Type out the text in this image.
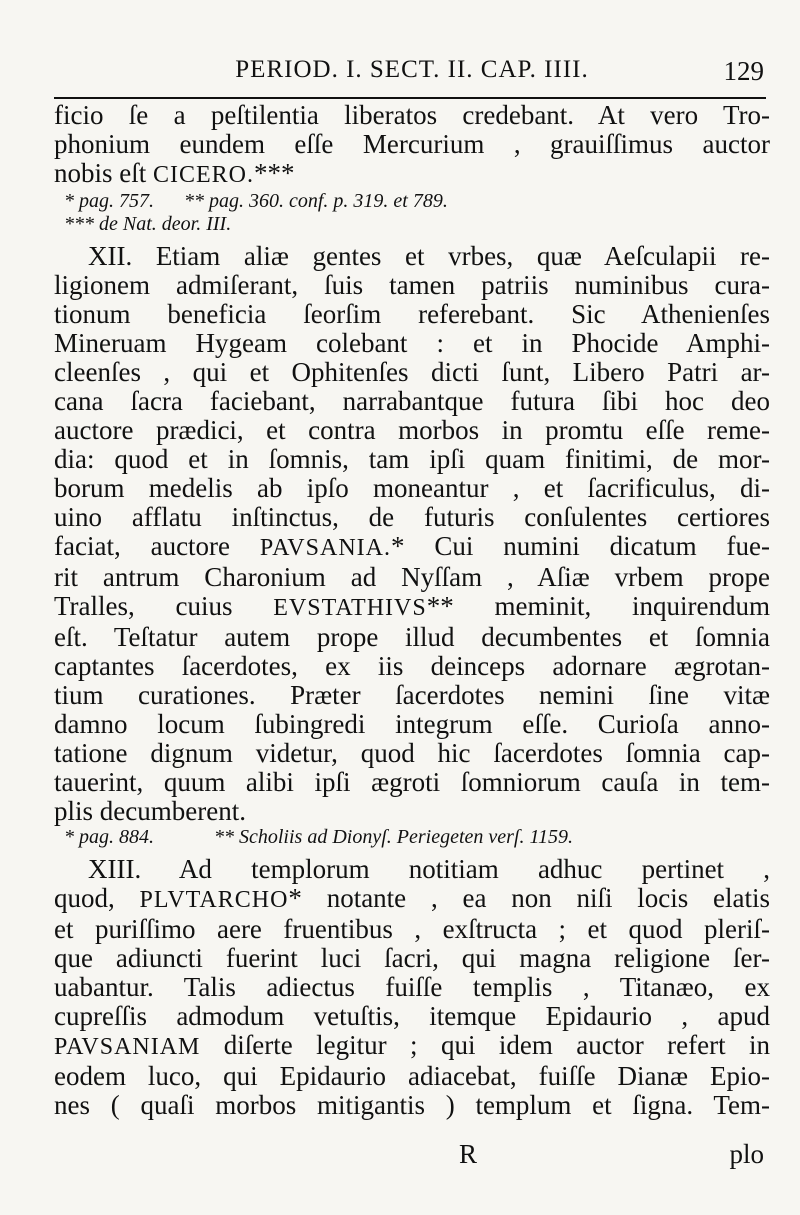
PERIOD. I. SECT. II. CAP. IIII.	129
ficio ſe a peſtilentia liberatos credebant. At vero Tro-
phonium eundem eſſe Mercurium , grauiſſimus auctor
nobis eſt CICERO.***
* pag. 757. ** pag. 360. conf. p. 319. et 789.
*** de Nat. deor. III.
XII. Etiam aliæ gentes et vrbes, quæ Aeſculapii re-
ligionem admiſerant, ſuis tamen patriis numinibus cura-
tionum beneficia ſeorſim referebant. Sic Athenienſes
Mineruam Hygeam colebant : et in Phocide Amphi-
cleenſes , qui et Ophitenſes dicti ſunt, Libero Patri ar-
cana ſacra faciebant, narrabantque futura ſibi hoc deo
auctore prædici, et contra morbos in promtu eſſe reme-
dia: quod et in ſomnis, tam ipſi quam finitimi, de mor-
borum medelis ab ipſo moneantur , et ſacrificulus, di-
uino afflatu inſtinctus, de futuris conſulentes certiores
faciat, auctore PAVSANIA.* Cui numini dicatum fue-
rit antrum Charonium ad Nyſſam , Aſiæ vrbem prope
Tralles, cuius EVSTATHIVS** meminit, inquirendum
eſt. Teſtatur autem prope illud decumbentes et ſomnia
captantes ſacerdotes, ex iis deinceps adornare ægrotan-
tium curationes. Præter ſacerdotes nemini ſine vitæ
damno locum ſubingredi integrum eſſe. Curioſa anno-
tatione dignum videtur, quod hic ſacerdotes ſomnia cap-
tauerint, quum alibi ipſi ægroti ſomniorum cauſa in tem-
plis decumberent.
* pag. 884.	** Scholiis ad Dionyſ. Periegeten verſ. 1159.
XIII. Ad templorum notitiam adhuc pertinet ,
quod, PLVTARCHO* notante , ea non niſi locis elatis
et puriſſimo aere fruentibus , exſtructa ; et quod pleriſ-
que adiuncti fuerint luci ſacri, qui magna religione ſer-
uabantur. Talis adiectus fuiſſe templis , Titanæo, ex
cupreſſis admodum vetuſtis, itemque Epidaurio , apud
PAVSANIAM diſerte legitur ; qui idem auctor refert in
eodem luco, qui Epidaurio adiacebat, fuiſſe Dianæ Epio-
nes ( quaſi morbos mitigantis ) templum et ſigna. Tem-
R	plo
